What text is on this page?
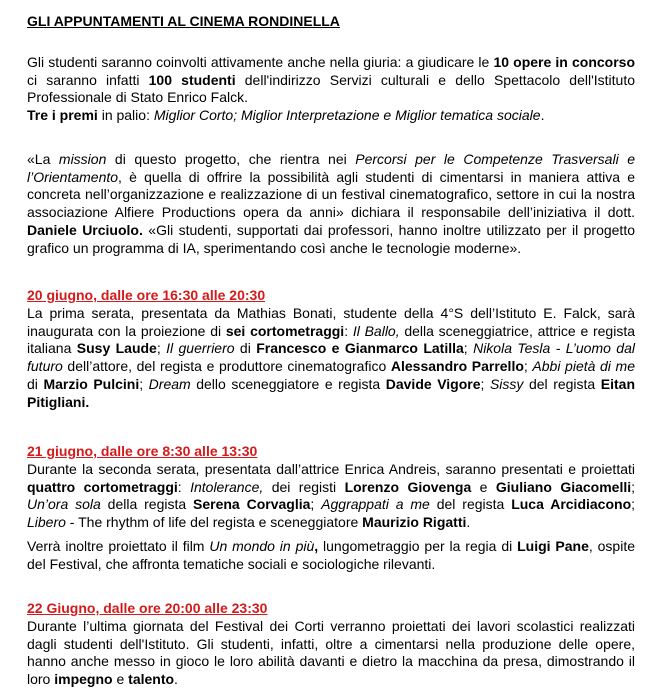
GLI APPUNTAMENTI AL CINEMA RONDINELLA

Gli studenti saranno coinvolti attivamente anche nella giuria: a giudicare le 10 opere in concorso ci saranno infatti 100 studenti dell'indirizzo Servizi culturali e dello Spettacolo dell'Istituto Professionale di Stato Enrico Falck.

Tre i premi in palio: Miglior Corto; Miglior Interpretazione e Miglior tematica sociale.

«La mission di questo progetto, che rientra nei Percorsi per le Competenze Trasversali e l’Orientamento, è quella di offrire la possibilità agli studenti di cimentarsi in maniera attiva e concreta nell’organizzazione e realizzazione di un festival cinematografico, settore in cui la nostra associazione Alfiere Productions opera da anni» dichiara il responsabile dell’iniziativa il dott. Daniele Urciuolo. «Gli studenti, supportati dai professori, hanno inoltre utilizzato per il progetto grafico un programma di IA, sperimentando così anche le tecnologie moderne».

20 giugno, dalle ore 16:30 alle 20:30

La prima serata, presentata da Mathias Bonati, studente della 4°S dell’Istituto E. Falck, sarà inaugurata con la proiezione di sei cortometraggi: Il Ballo, della sceneggiatrice, attrice e regista italiana Susy Laude; Il guerriero di Francesco e Gianmarco Latilla; Nikola Tesla - L’uomo dal futuro dell’attore, del regista e produttore cinematografico Alessandro Parrello; Abbi pietà di me di Marzio Pulcini; Dream dello sceneggiatore e regista Davide Vigore; Sissy del regista Eitan Pitigliani.

21 giugno, dalle ore 8:30 alle 13:30

Durante la seconda serata, presentata dall’attrice Enrica Andreis, saranno presentati e proiettati quattro cortometraggi: Intolerance, dei registi Lorenzo Giovenga e Giuliano Giacomelli; Un’ora sola della regista Serena Corvaglia; Aggrappati a me del regista Luca Arcidiacono; Libero - The rhythm of life del regista e sceneggiatore Maurizio Rigatti.

Verrà inoltre proiettato il film Un mondo in più, lungometraggio per la regia di Luigi Pane, ospite del Festival, che affronta tematiche sociali e sociologiche rilevanti.

22 Giugno, dalle ore 20:00 alle 23:30

Durante l’ultima giornata del Festival dei Corti verranno proiettati dei lavori scolastici realizzati dagli studenti dell'Istituto. Gli studenti, infatti, oltre a cimentarsi nella produzione delle opere, hanno anche messo in gioco le loro abilità davanti e dietro la macchina da presa, dimostrando il loro impegno e talento.
